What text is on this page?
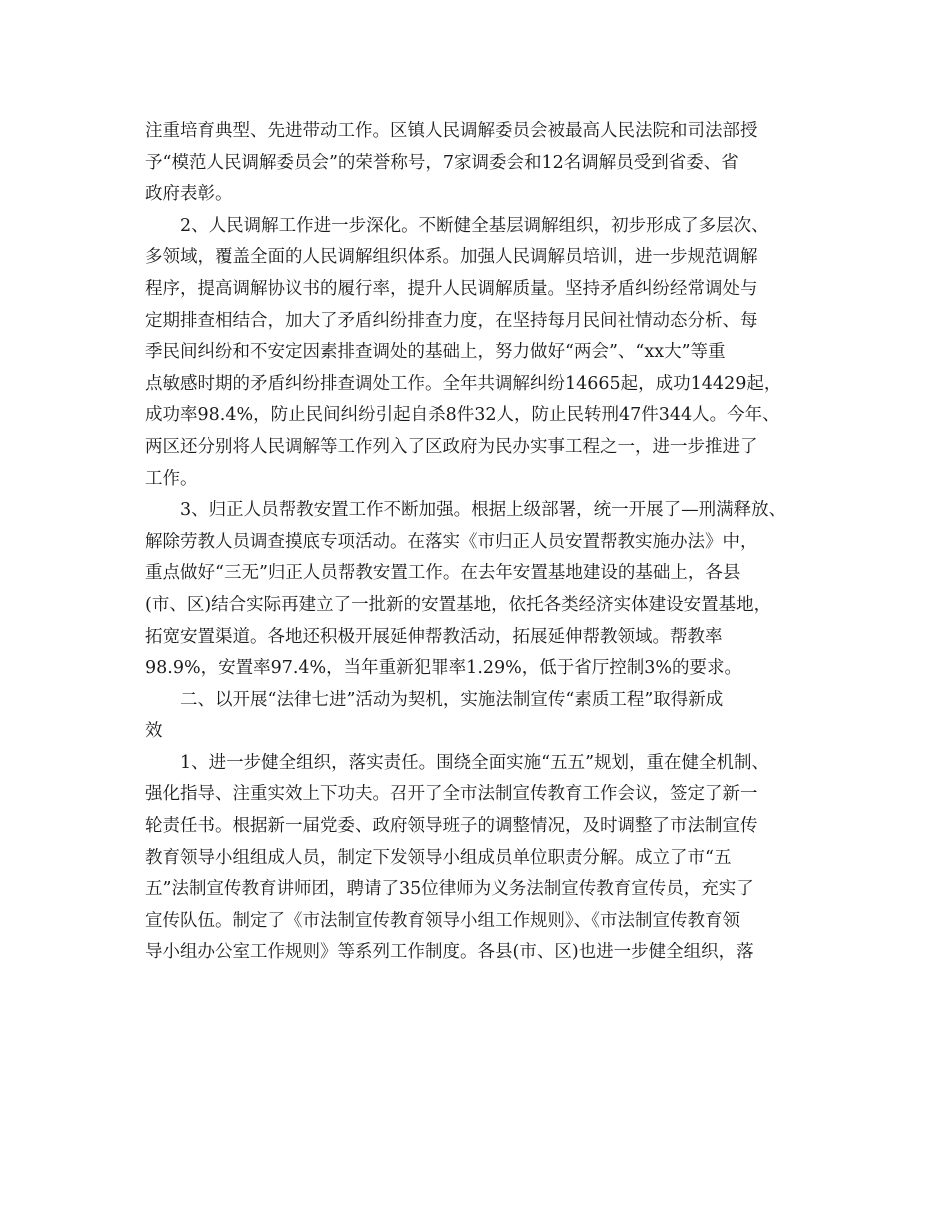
注重培育典型、先进带动工作。区镇人民调解委员会被最高人民法院和司法部授
予“模范人民调解委员会”的荣誉称号，7家调委会和12名调解员受到省委、省
政府表彰。
2、人民调解工作进一步深化。不断健全基层调解组织，初步形成了多层次、
多领域，覆盖全面的人民调解组织体系。加强人民调解员培训，进一步规范调解
程序，提高调解协议书的履行率，提升人民调解质量。坚持矛盾纠纷经常调处与
定期排查相结合，加大了矛盾纠纷排查力度，在坚持每月民间社情动态分析、每
季民间纠纷和不安定因素排查调处的基础上，努力做好“两会”、“xx大”等重
点敏感时期的矛盾纠纷排查调处工作。全年共调解纠纷14665起，成功14429起，
成功率98.4%，防止民间纠纷引起自杀8件32人，防止民转刑47件344人。今年、
两区还分别将人民调解等工作列入了区政府为民办实事工程之一，进一步推进了
工作。
3、归正人员帮教安置工作不断加强。根据上级部署，统一开展了—刑满释放、
解除劳教人员调查摸底专项活动。在落实《市归正人员安置帮教实施办法》中，
重点做好“三无”归正人员帮教安置工作。在去年安置基地建设的基础上，各县
(市、区)结合实际再建立了一批新的安置基地，依托各类经济实体建设安置基地，
拓宽安置渠道。各地还积极开展延伸帮教活动，拓展延伸帮教领域。帮教率
98.9%，安置率97.4%，当年重新犯罪率1.29%，低于省厅控制3%的要求。
二、以开展“法律七进”活动为契机，实施法制宣传“素质工程”取得新成
效
1、进一步健全组织，落实责任。围绕全面实施“五五”规划，重在健全机制、
强化指导、注重实效上下功夫。召开了全市法制宣传教育工作会议，签定了新一
轮责任书。根据新一届党委、政府领导班子的调整情况，及时调整了市法制宣传
教育领导小组组成人员，制定下发领导小组成员单位职责分解。成立了市“五
五”法制宣传教育讲师团，聘请了35位律师为义务法制宣传教育宣传员，充实了
宣传队伍。制定了《市法制宣传教育领导小组工作规则》、《市法制宣传教育领
导小组办公室工作规则》等系列工作制度。各县(市、区)也进一步健全组织，落
